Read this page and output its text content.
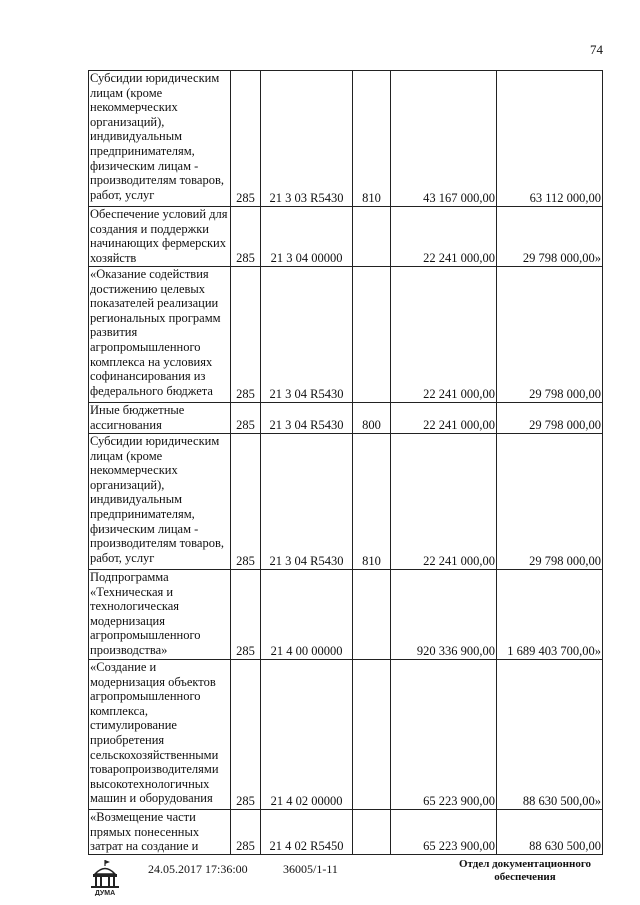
74
Субсидии юридическим лицам (кроме некоммерческих организаций), индивидуальным предпринимателям, физическим лицам - производителям товаров, работ, услуг	285	21 3 03 R5430	810	43 167 000,00	63 112 000,00
Обеспечение условий для создания и поддержки начинающих фермерских хозяйств	285	21 3 04 00000		22 241 000,00	29 798 000,00»
«Оказание содействия достижению целевых показателей реализации региональных программ развития агропромышленного комплекса на условиях софинансирования из федерального бюджета	285	21 3 04 R5430		22 241 000,00	29 798 000,00
Иные бюджетные ассигнования	285	21 3 04 R5430	800	22 241 000,00	29 798 000,00
Субсидии юридическим лицам (кроме некоммерческих организаций), индивидуальным предпринимателям, физическим лицам - производителям товаров, работ, услуг	285	21 3 04 R5430	810	22 241 000,00	29 798 000,00
Подпрограмма «Техническая и технологическая модернизация агропромышленного производства»	285	21 4 00 00000		920 336 900,00	1 689 403 700,00»
«Создание и модернизация объектов агропромышленного комплекса, стимулирование приобретения сельскохозяйственными товаропроизводителями высокотехнологичных машин и оборудования	285	21 4 02 00000		65 223 900,00	88 630 500,00»
«Возмещение части прямых понесенных затрат на создание и	285	21 4 02 R5450		65 223 900,00	88 630 500,00
ДУМА
24.05.2017 17:36:00	36005/1-11	Отдел документационного
обеспечения
